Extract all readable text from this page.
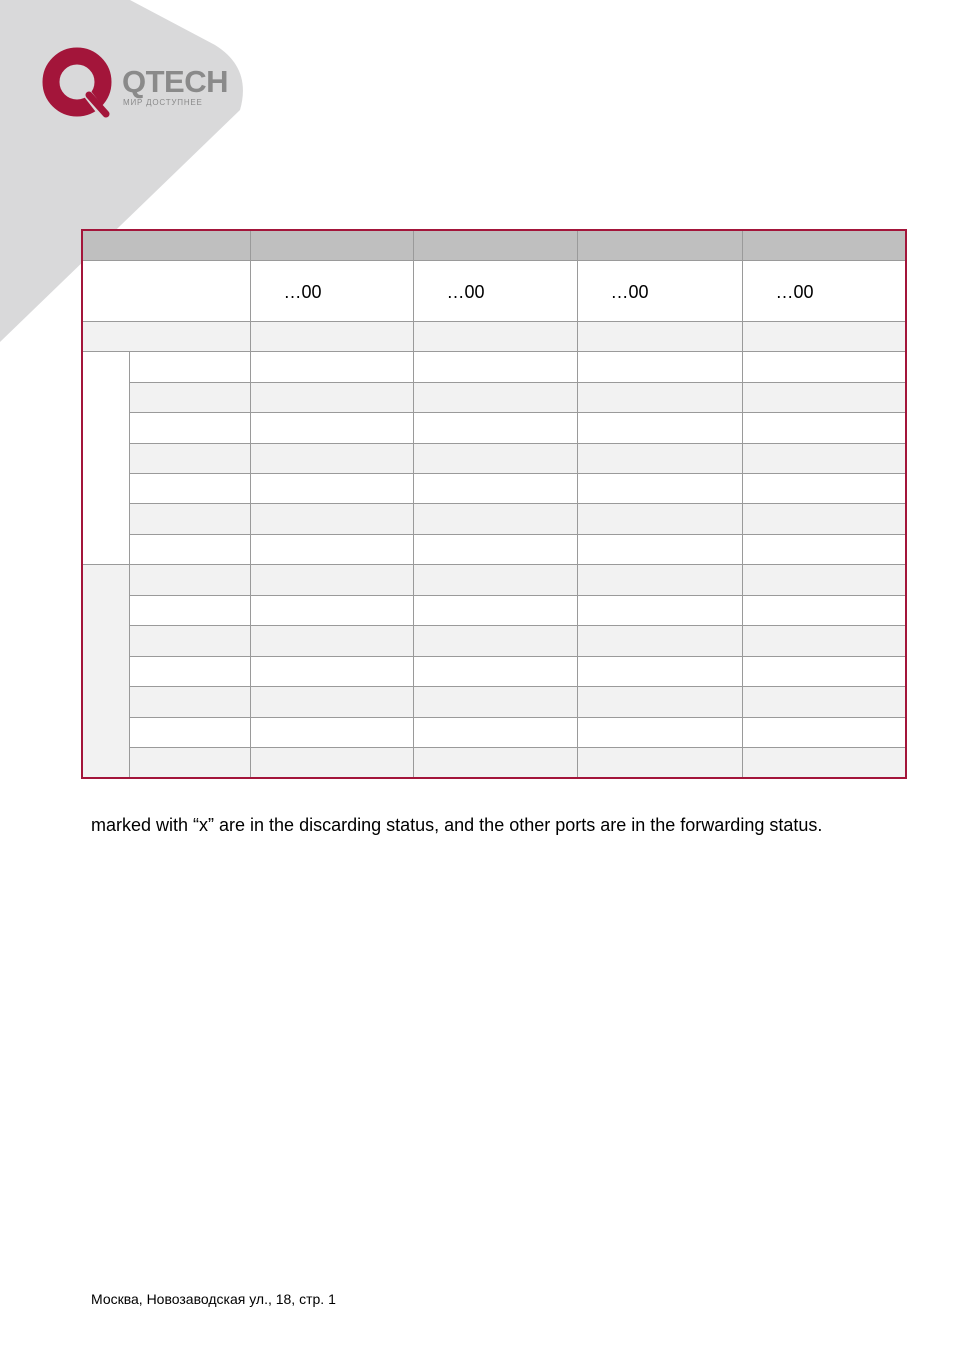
QTECH
МИР ДОСТУПНЕЕ

		…00	…00	…00	…00

marked with “x” are in the discarding status, and the other ports are in the forwarding status.
Москва, Новозаводская ул., 18, стр. 1
